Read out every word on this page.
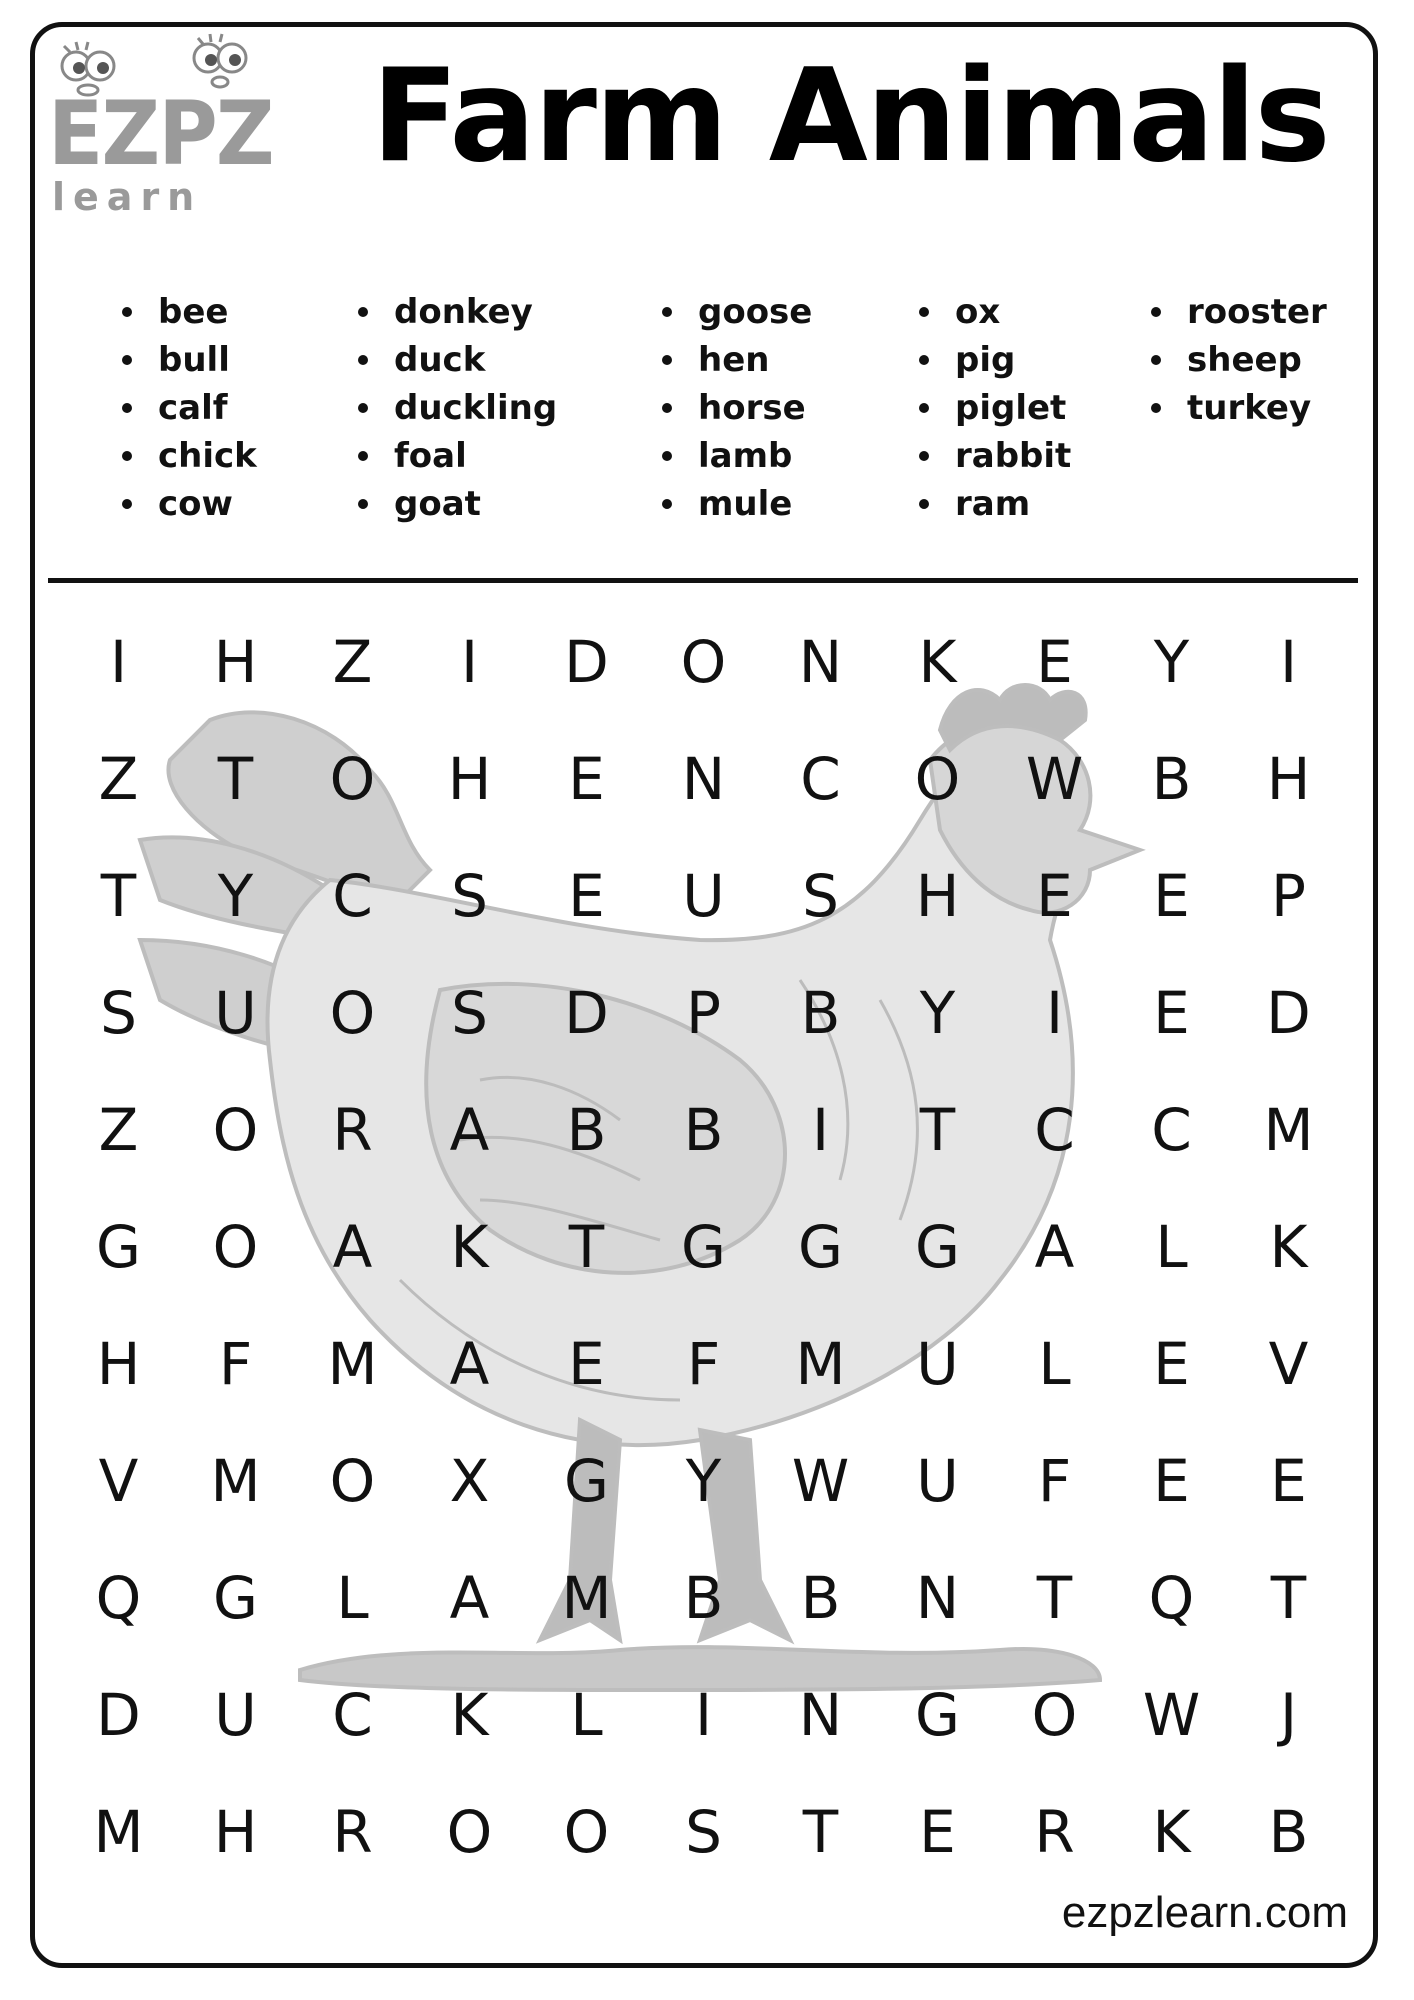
EZPZ
learn
Farm Animals
bee
bull
calf
chick
cow
donkey
duck
duckling
foal
goat
goose
hen
horse
lamb
mule
ox
pig
piglet
rabbit
ram
rooster
sheep
turkey
I	H	Z	I	D	O	N	K	E	Y	I
Z	T	O	H	E	N	C	O	W	B	H
T	Y	C	S	E	U	S	H	E	E	P
S	U	O	S	D	P	B	Y	I	E	D
Z	O	R	A	B	B	I	T	C	C	M
G	O	A	K	T	G	G	G	A	L	K
H	F	M	A	E	F	M	U	L	E	V
V	M	O	X	G	Y	W	U	F	E	E
Q	G	L	A	M	B	B	N	T	Q	T
D	U	C	K	L	I	N	G	O	W	J
M	H	R	O	O	S	T	E	R	K	B
ezpzlearn.com
